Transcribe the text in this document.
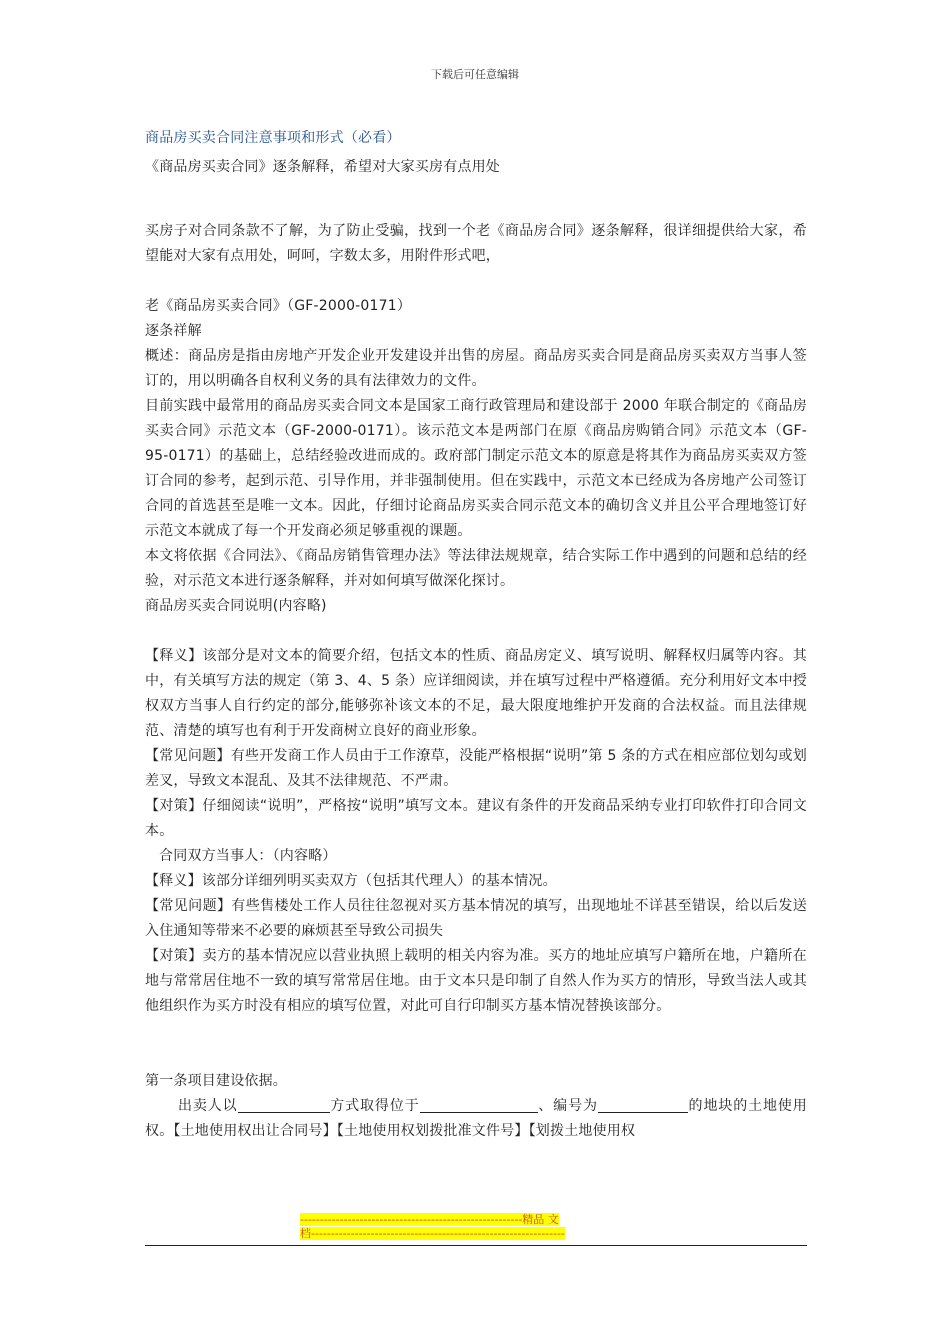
下载后可任意编辑

商品房买卖合同注意事项和形式（必看）

《商品房买卖合同》逐条解释，希望对大家买房有点用处

买房子对合同条款不了解，为了防止受骗，找到一个老《商品房合同》逐条解释，很详细提供给大家，希望能对大家有点用处，呵呵，字数太多，用附件形式吧，

老《商品房买卖合同》（GF-2000-0171）

逐条祥解

概述：商品房是指由房地产开发企业开发建设并出售的房屋。商品房买卖合同是商品房买卖双方当事人签订的，用以明确各自权利义务的具有法律效力的文件。

目前实践中最常用的商品房买卖合同文本是国家工商行政管理局和建设部于 2000 年联合制定的《商品房买卖合同》示范文本（GF-2000-0171）。该示范文本是两部门在原《商品房购销合同》示范文本（GF-95-0171）的基础上，总结经验改进而成的。政府部门制定示范文本的原意是将其作为商品房买卖双方签订合同的参考，起到示范、引导作用，并非强制使用。但在实践中，示范文本已经成为各房地产公司签订合同的首选甚至是唯一文本。因此，仔细讨论商品房买卖合同示范文本的确切含义并且公平合理地签订好示范文本就成了每一个开发商必须足够重视的课题。

本文将依据《合同法》、《商品房销售管理办法》等法律法规规章，结合实际工作中遇到的问题和总结的经验，对示范文本进行逐条解释，并对如何填写做深化探讨。

商品房买卖合同说明(内容略)

【释义】该部分是对文本的简要介绍，包括文本的性质、商品房定义、填写说明、解释权归属等内容。其中，有关填写方法的规定（第 3、4、5 条）应详细阅读，并在填写过程中严格遵循。充分利用好文本中授权双方当事人自行约定的部分,能够弥补该文本的不足，最大限度地维护开发商的合法权益。而且法律规范、清楚的填写也有利于开发商树立良好的商业形象。

【常见问题】有些开发商工作人员由于工作潦草，没能严格根据“说明”第 5 条的方式在相应部位划勾或划差叉，导致文本混乱、及其不法律规范、不严肃。

【对策】仔细阅读“说明”，严格按“说明”填写文本。建议有条件的开发商品采纳专业打印软件打印合同文本。

合同双方当事人：（内容略）

【释义】该部分详细列明买卖双方（包括其代理人）的基本情况。

【常见问题】有些售楼处工作人员往往忽视对买方基本情况的填写，出现地址不详甚至错误，给以后发送入住通知等带来不必要的麻烦甚至导致公司损失

【对策】卖方的基本情况应以营业执照上载明的相关内容为准。买方的地址应填写户籍所在地，户籍所在地与常常居住地不一致的填写常常居住地。由于文本只是印制了自然人作为买方的情形，导致当法人或其他组织作为买方时没有相应的填写位置，对此可自行印制买方基本情况替换该部分。

第一条项目建设依据。

出卖人以	方式取得位于	、编号为	的地块的土地使用权。【土地使用权出让合同号】【土地使用权划拨批准文件号】【划拨土地使用权

--------------------------------------------------------精品 文
档----------------------------------------------------------------
